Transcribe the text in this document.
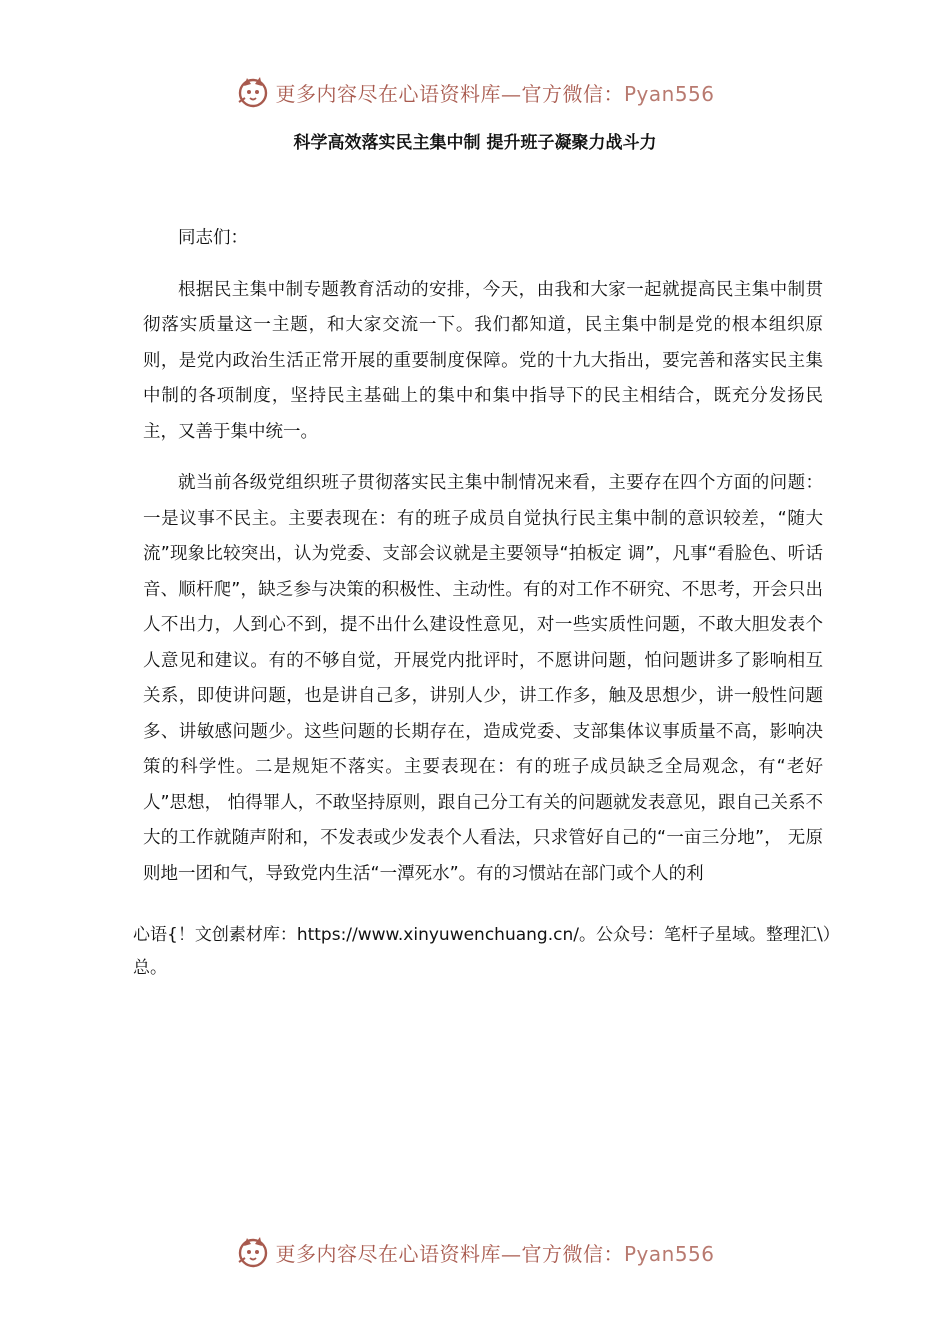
更多内容尽在心语资料库—官方微信：Pyan556
科学高效落实民主集中制 提升班子凝聚力战斗力

同志们：

根据民主集中制专题教育活动的安排，今天，由我和大家一起就提高民主集中制贯彻落实质量这一主题，和大家交流一下。我们都知道，民主集中制是党的根本组织原则，是党内政治生活正常开展的重要制度保障。党的十九大指出，要完善和落实民主集中制的各项制度，坚持民主基础上的集中和集中指导下的民主相结合，既充分发扬民主，又善于集中统一。

就当前各级党组织班子贯彻落实民主集中制情况来看，主要存在四个方面的问题：一是议事不民主。主要表现在：有的班子成员自觉执行民主集中制的意识较差，“随大流”现象比较突出，认为党委、支部会议就是主要领导“拍板定 调”，凡事“看脸色、听话音、顺杆爬”，缺乏参与决策的积极性、主动性。有的对工作不研究、不思考，开会只出人不出力，人到心不到，提不出什么建设性意见，对一些实质性问题，不敢大胆发表个人意见和建议。有的不够自觉，开展党内批评时，不愿讲问题，怕问题讲多了影响相互关系，即使讲问题，也是讲自己多，讲别人少，讲工作多，触及思想少，讲一般性问题多、讲敏感问题少。这些问题的长期存在，造成党委、支部集体议事质量不高，影响决策的科学性。二是规矩不落实。主要表现在：有的班子成员缺乏全局观念，有“老好人”思想， 怕得罪人，不敢坚持原则，跟自己分工有关的问题就发表意见，跟自己关系不大的工作就随声附和，不发表或少发表个人看法，只求管好自己的“一亩三分地”， 无原则地一团和气，导致党内生活“一潭死水”。有的习惯站在部门或个人的利

心语{！文创素材库：https://www.xinyuwenchuang.cn/。公众号：笔杆子星域。整理汇\）总。

更多内容尽在心语资料库—官方微信：Pyan556
